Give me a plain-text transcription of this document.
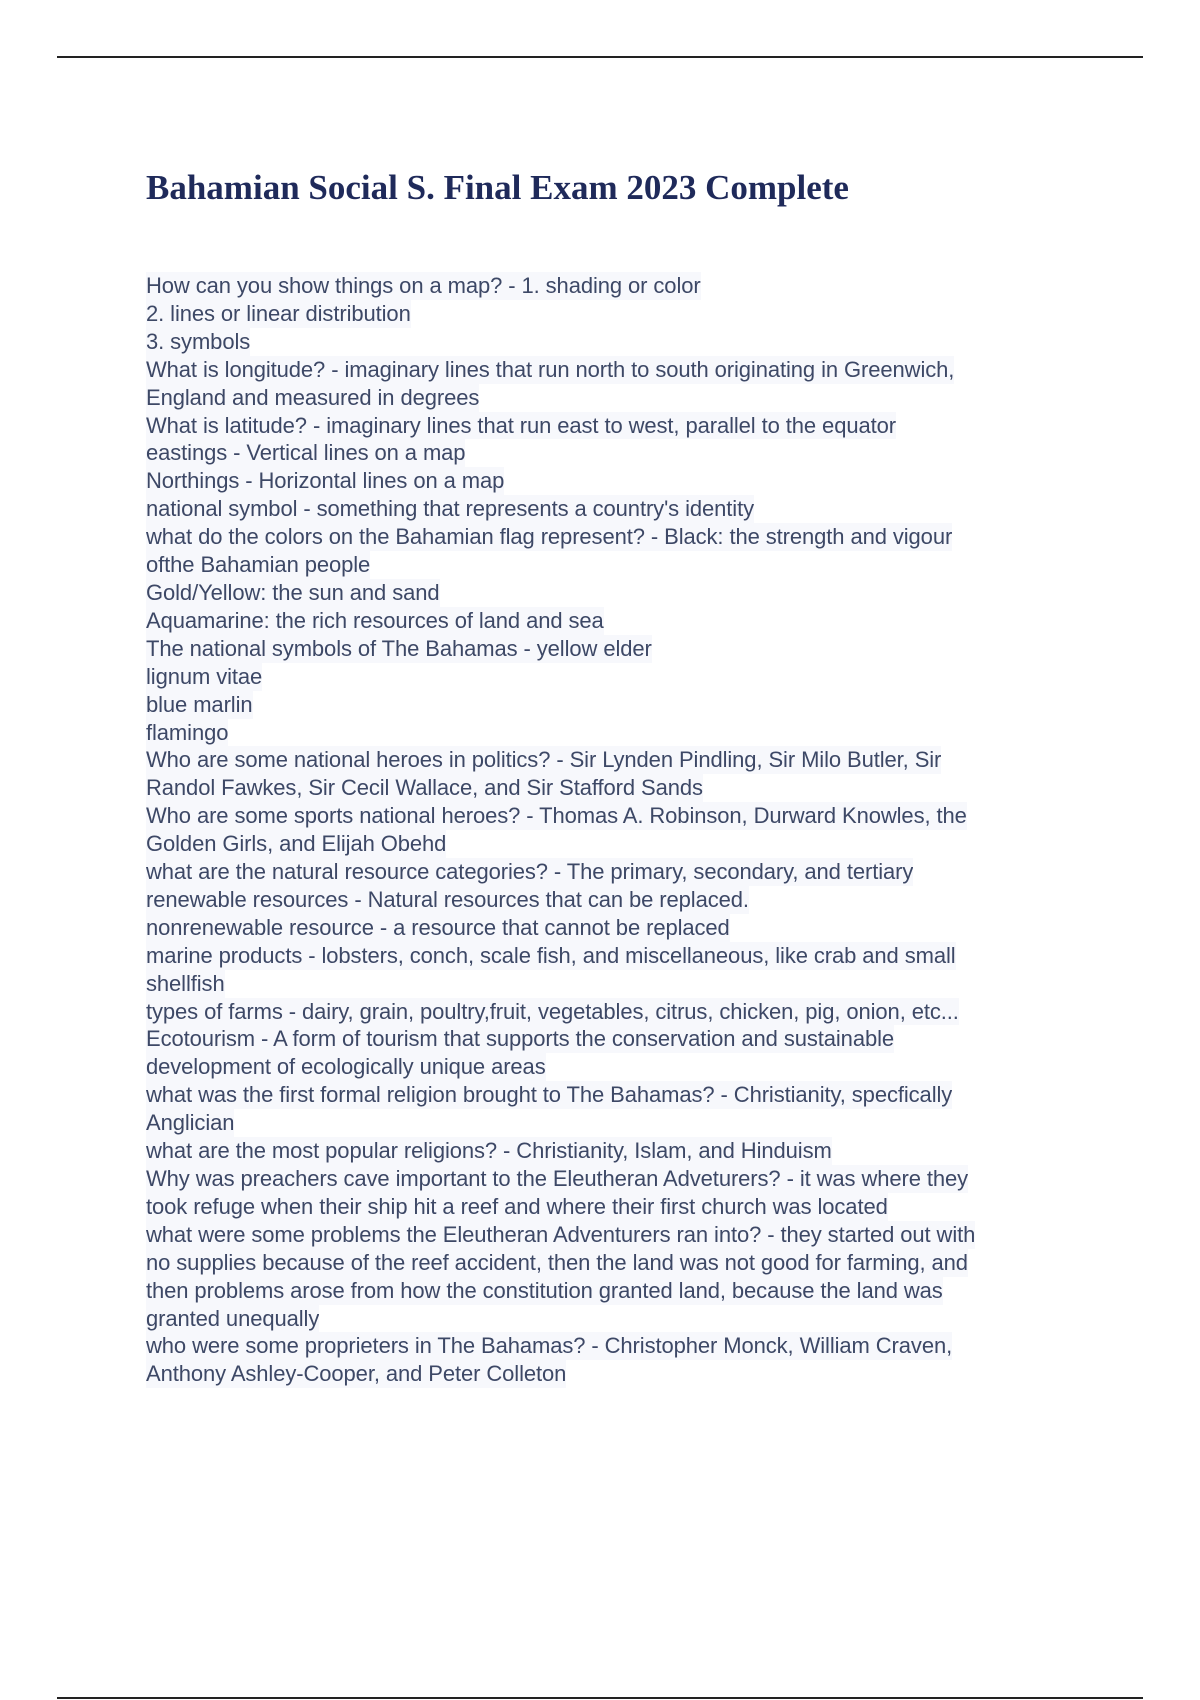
Bahamian Social S. Final Exam 2023 Complete
How can you show things on a map? - 1. shading or color
2. lines or linear distribution
3. symbols
What is longitude? - imaginary lines that run north to south originating in Greenwich,
England and measured in degrees
What is latitude? - imaginary lines that run east to west, parallel to the equator
eastings - Vertical lines on a map
Northings - Horizontal lines on a map
national symbol - something that represents a country's identity
what do the colors on the Bahamian flag represent? - Black: the strength and vigour
ofthe Bahamian people
Gold/Yellow: the sun and sand
Aquamarine: the rich resources of land and sea
The national symbols of The Bahamas - yellow elder
lignum vitae
blue marlin
flamingo
Who are some national heroes in politics? - Sir Lynden Pindling, Sir Milo Butler, Sir
Randol Fawkes, Sir Cecil Wallace, and Sir Stafford Sands
Who are some sports national heroes? - Thomas A. Robinson, Durward Knowles, the
Golden Girls, and Elijah Obehd
what are the natural resource categories? - The primary, secondary, and tertiary
renewable resources - Natural resources that can be replaced.
nonrenewable resource - a resource that cannot be replaced
marine products - lobsters, conch, scale fish, and miscellaneous, like crab and small
shellfish
types of farms - dairy, grain, poultry,fruit, vegetables, citrus, chicken, pig, onion, etc...
Ecotourism - A form of tourism that supports the conservation and sustainable
development of ecologically unique areas
what was the first formal religion brought to The Bahamas? - Christianity, specfically
Anglician
what are the most popular religions? - Christianity, Islam, and Hinduism
Why was preachers cave important to the Eleutheran Adveturers? - it was where they
took refuge when their ship hit a reef and where their first church was located
what were some problems the Eleutheran Adventurers ran into? - they started out with
no supplies because of the reef accident, then the land was not good for farming, and
then problems arose from how the constitution granted land, because the land was
granted unequally
who were some proprieters in The Bahamas? - Christopher Monck, William Craven,
Anthony Ashley-Cooper, and Peter Colleton
